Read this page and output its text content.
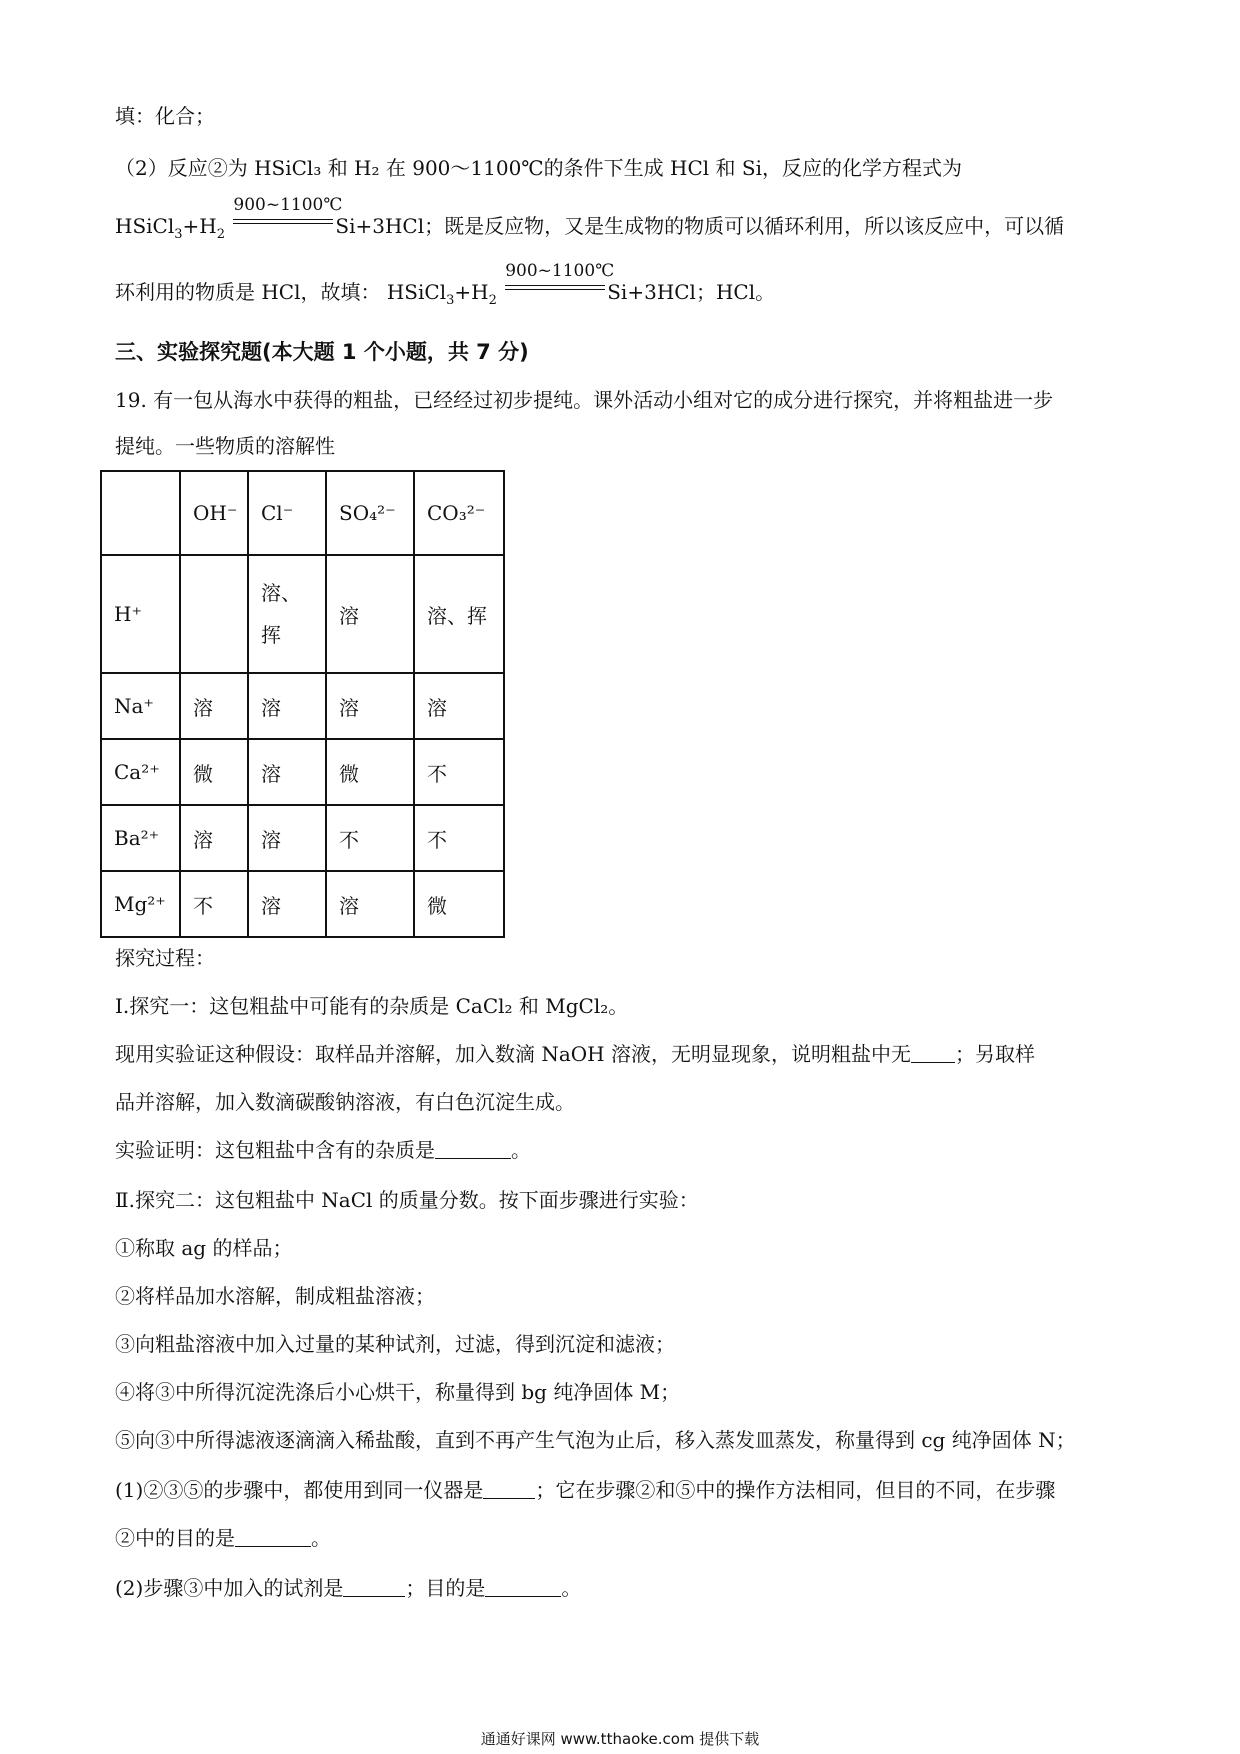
填：化合；
（2）反应②为 HSiCl₃ 和 H₂ 在 900～1100℃的条件下生成 HCl 和 Si，反应的化学方程式为
$HSiCl_3+H_2$
900~1100℃
Si+3HCl；既是反应物，又是生成物的物质可以循环利用，所以该反应中，可以循
环利用的物质是 HCl，故填： $HSiCl_3+H_2$
900~1100℃
Si+3HCl；HCl。
三、实验探究题(本大题 1 个小题，共 7 分)
19. 有一包从海水中获得的粗盐，已经经过初步提纯。课外活动小组对它的成分进行探究，并将粗盐进一步
提纯。一些物质的溶解性
	OH⁻	Cl⁻	SO₄²⁻	CO₃²⁻
H⁺		溶、挥	溶	溶、挥
Na⁺	溶	溶	溶	溶
Ca²⁺	微	溶	微	不
Ba²⁺	溶	溶	不	不
Mg²⁺	不	溶	溶	微
探究过程：
Ⅰ.探究一：这包粗盐中可能有的杂质是 CaCl₂ 和 MgCl₂。
现用实验证这种假设：取样品并溶解，加入数滴 NaOH 溶液，无明显现象，说明粗盐中无 ；另取样
品并溶解，加入数滴碳酸钠溶液，有白色沉淀生成。
实验证明：这包粗盐中含有的杂质是	。
Ⅱ.探究二：这包粗盐中 NaCl 的质量分数。按下面步骤进行实验：
①称取 ag 的样品；
②将样品加水溶解，制成粗盐溶液；
③向粗盐溶液中加入过量的某种试剂，过滤，得到沉淀和滤液；
④将③中所得沉淀洗涤后小心烘干，称量得到 bg 纯净固体 M；
⑤向③中所得滤液逐滴滴入稀盐酸，直到不再产生气泡为止后，移入蒸发皿蒸发，称量得到 cg 纯净固体 N；
(1)②③⑤的步骤中，都使用到同一仪器是	；它在步骤②和⑤中的操作方法相同，但目的不同，在步骤
②中的目的是	。
(2)步骤③中加入的试剂是	；目的是	。
通通好课网 www.tthaoke.com 提供下载
